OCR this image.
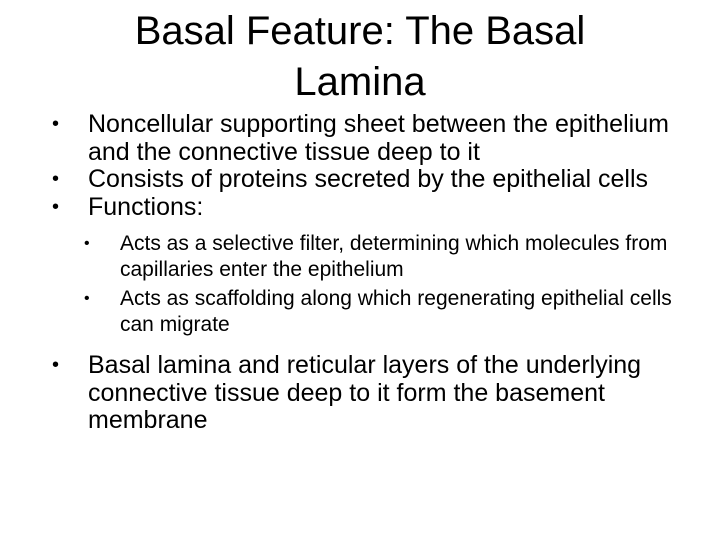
Basal Feature: The Basal
Lamina
•	Noncellular supporting sheet between the epithelium and the connective tissue deep to it
•	Consists of proteins secreted by the epithelial cells
•	Functions:
•	Acts as a selective filter, determining which molecules from capillaries enter the epithelium
•	Acts as scaffolding along which regenerating epithelial cells can migrate
•	Basal lamina and reticular layers of the underlying connective tissue deep to it form the basement membrane
